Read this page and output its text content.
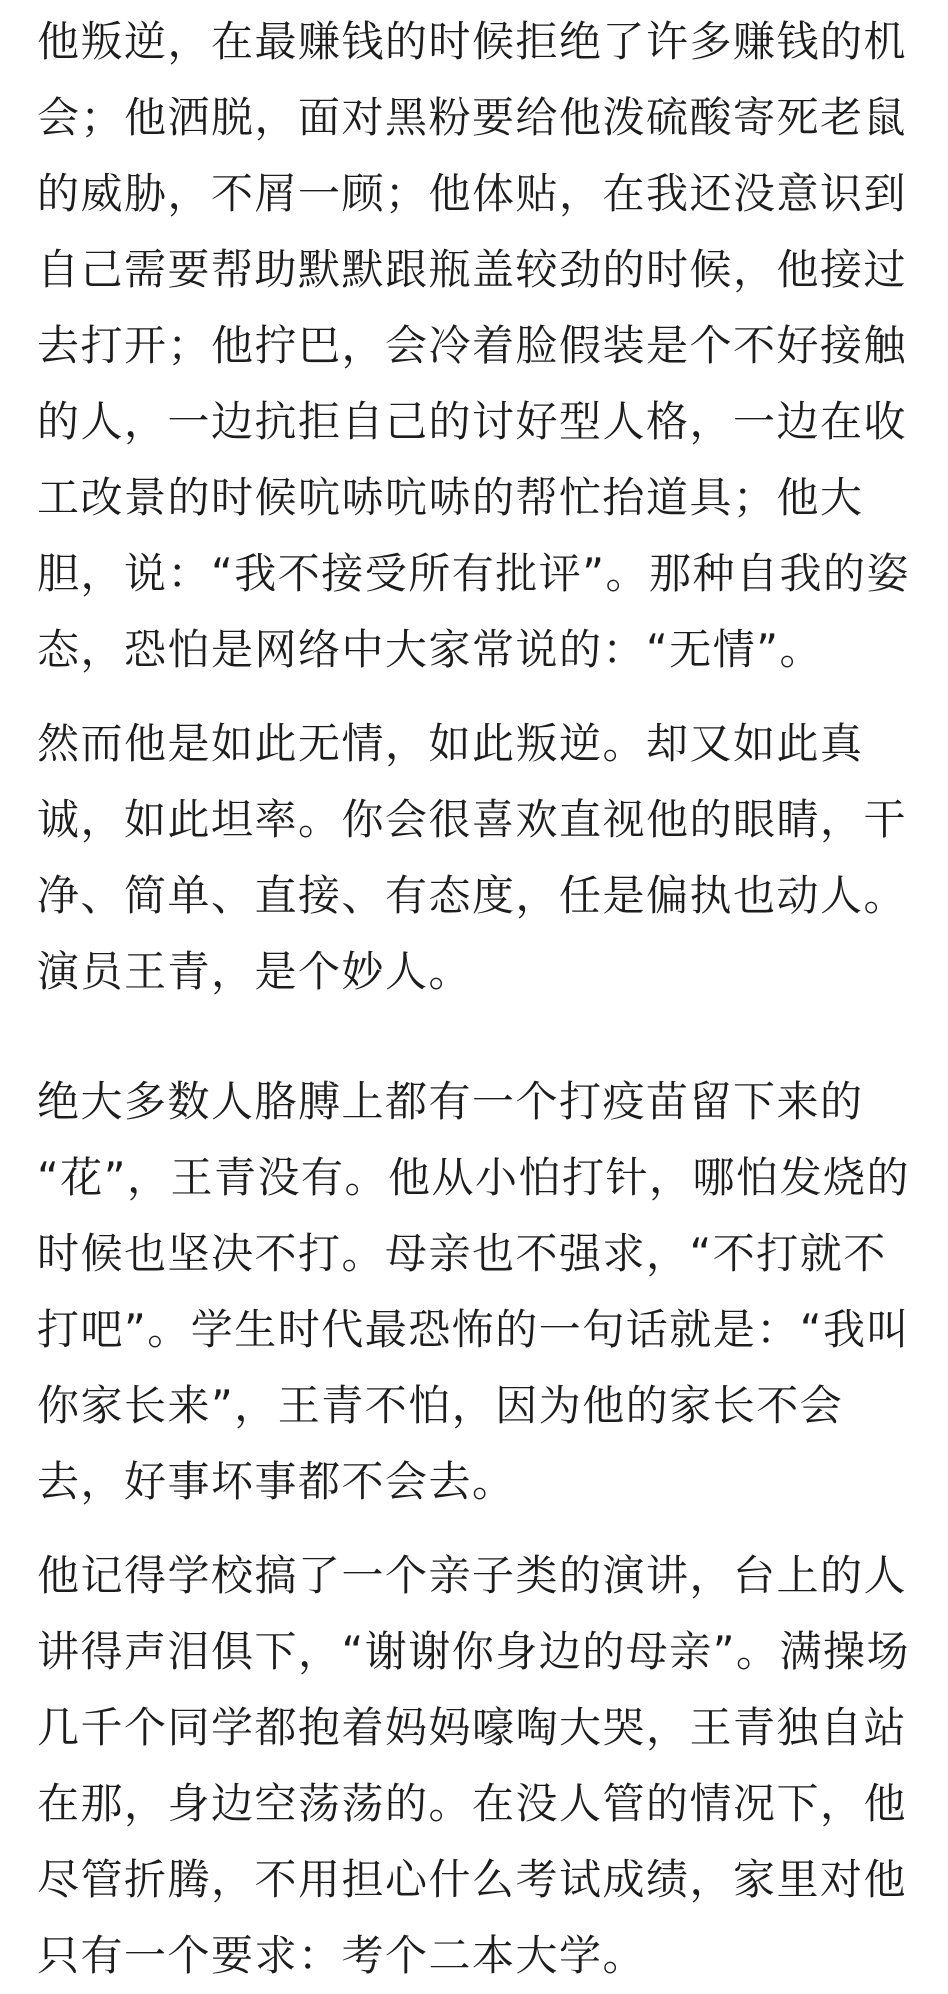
他叛逆，在最赚钱的时候拒绝了许多赚钱的机
会；他洒脱，面对黑粉要给他泼硫酸寄死老鼠
的威胁，不屑一顾；他体贴，在我还没意识到
自己需要帮助默默跟瓶盖较劲的时候，他接过
去打开；他拧巴，会冷着脸假装是个不好接触
的人，一边抗拒自己的讨好型人格，一边在收
工改景的时候吭哧吭哧的帮忙抬道具；他大
胆，说：“我不接受所有批评”。那种自我的姿
态，恐怕是网络中大家常说的：“无情”。
然而他是如此无情，如此叛逆。却又如此真
诚，如此坦率。你会很喜欢直视他的眼睛，干
净、简单、直接、有态度，任是偏执也动人。
演员王青，是个妙人。
绝大多数人胳膊上都有一个打疫苗留下来的
“花”，王青没有。他从小怕打针，哪怕发烧的
时候也坚决不打。母亲也不强求，“不打就不
打吧”。学生时代最恐怖的一句话就是：“我叫
你家长来”，王青不怕，因为他的家长不会
去，好事坏事都不会去。
他记得学校搞了一个亲子类的演讲，台上的人
讲得声泪俱下，“谢谢你身边的母亲”。满操场
几千个同学都抱着妈妈嚎啕大哭，王青独自站
在那，身边空荡荡的。在没人管的情况下，他
尽管折腾，不用担心什么考试成绩，家里对他
只有一个要求：考个二本大学。
